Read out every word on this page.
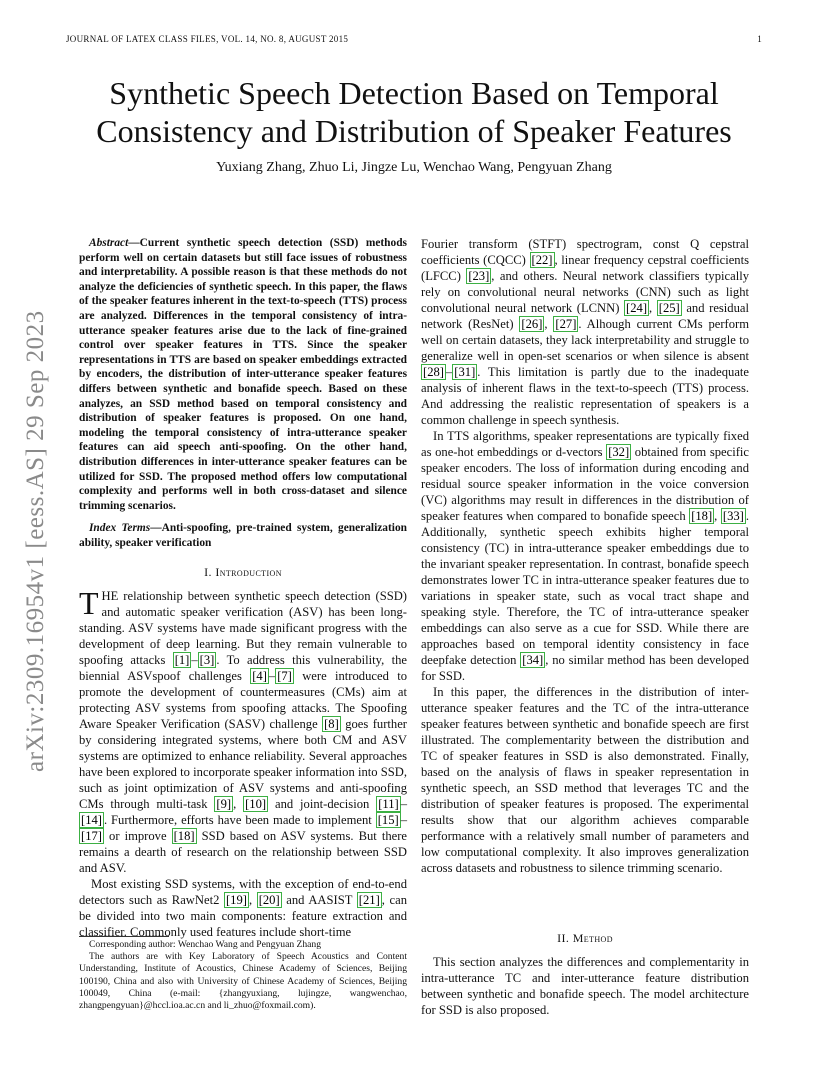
JOURNAL OF LATEX CLASS FILES, VOL. 14, NO. 8, AUGUST 2015	1
arXiv:2309.16954v1 [eess.AS] 29 Sep 2023
Synthetic Speech Detection Based on Temporal
Consistency and Distribution of Speaker Features
Yuxiang Zhang, Zhuo Li, Jingze Lu, Wenchao Wang, Pengyuan Zhang

Abstract—Current synthetic speech detection (SSD) methods perform well on certain datasets but still face issues of robustness and interpretability. A possible reason is that these methods do not analyze the deficiencies of synthetic speech. In this paper, the flaws of the speaker features inherent in the text-to-speech (TTS) process are analyzed. Differences in the temporal consistency of intra-utterance speaker features arise due to the lack of fine-grained control over speaker features in TTS. Since the speaker representations in TTS are based on speaker embeddings extracted by encoders, the distribution of inter-utterance speaker features differs between synthetic and bonafide speech. Based on these analyzes, an SSD method based on temporal consistency and distribution of speaker features is proposed. On one hand, modeling the temporal consistency of intra-utterance speaker features can aid speech anti-spoofing. On the other hand, distribution differences in inter-utterance speaker features can be utilized for SSD. The proposed method offers low computational complexity and performs well in both cross-dataset and silence trimming scenarios.

Index Terms—Anti-spoofing, pre-trained system, generalization ability, speaker verification

I. Introduction

THE relationship between synthetic speech detection (SSD) and automatic speaker verification (ASV) has been long-standing. ASV systems have made significant progress with the development of deep learning. But they remain vulnerable to spoofing attacks [1] – [3] . To address this vulnerability, the biennial ASVspoof challenges [4] – [7] were introduced to promote the development of countermeasures (CMs) aim at protecting ASV systems from spoofing attacks. The Spoofing Aware Speaker Verification (SASV) challenge [8] goes further by considering integrated systems, where both CM and ASV systems are optimized to enhance reliability. Several approaches have been explored to incorporate speaker information into SSD, such as joint optimization of ASV systems and anti-spoofing CMs through multi-task [9] , [10] and joint-decision [11] –[14] . Furthermore, efforts have been made to implement [15] –[17] or improve [18] SSD based on ASV systems. But there remains a dearth of research on the relationship between SSD and ASV.

Most existing SSD systems, with the exception of end-to-end detectors such as RawNet2 [19] , [20] and AASIST [21] , can be divided into two main components: feature extraction and classifier. Commonly used features include short-time

Fourier transform (STFT) spectrogram, const Q cepstral coefficients (CQCC) [22] , linear frequency cepstral coefficients (LFCC) [23] , and others. Neural network classifiers typically rely on convolutional neural networks (CNN) such as light convolutional neural network (LCNN) [24] , [25] and residual network (ResNet) [26] , [27] . Alhough current CMs perform well on certain datasets, they lack interpretability and struggle to generalize well in open-set scenarios or when silence is absent [28] – [31] . This limitation is partly due to the inadequate analysis of inherent flaws in the text-to-speech (TTS) process. And addressing the realistic representation of speakers is a common challenge in speech synthesis.

In TTS algorithms, speaker representations are typically fixed as one-hot embeddings or d-vectors [32] obtained from specific speaker encoders. The loss of information during encoding and residual source speaker information in the voice conversion (VC) algorithms may result in differences in the distribution of speaker features when compared to bonafide speech [18] , [33] . Additionally, synthetic speech exhibits higher temporal consistency (TC) in intra-utterance speaker embeddings due to the invariant speaker representation. In contrast, bonafide speech demonstrates lower TC in intra-utterance speaker features due to variations in speaker state, such as vocal tract shape and speaking style. Therefore, the TC of intra-utterance speaker embeddings can also serve as a cue for SSD. While there are approaches based on temporal identity consistency in face deepfake detection [34] , no similar method has been developed for SSD.

In this paper, the differences in the distribution of inter-utterance speaker features and the TC of the intra-utterance speaker features between synthetic and bonafide speech are first illustrated. The complementarity between the distribution and TC of speaker features in SSD is also demonstrated. Finally, based on the analysis of flaws in speaker representation in synthetic speech, an SSD method that leverages TC and the distribution of speaker features is proposed. The experimental results show that our algorithm achieves comparable performance with a relatively small number of parameters and low computational complexity. It also improves generalization across datasets and robustness to silence trimming scenario.

II. Method

This section analyzes the differences and complementarity in intra-utterance TC and inter-utterance feature distribution between synthetic and bonafide speech. The model architecture for SSD is also proposed.

Corresponding author: Wenchao Wang and Pengyuan Zhang

The authors are with Key Laboratory of Speech Acoustics and Content Understanding, Institute of Acoustics, Chinese Academy of Sciences, Beijing 100190, China and also with University of Chinese Academy of Sciences, Beijing 100049, China (e-mail: {zhangyuxiang, lujingze, wangwenchao, zhangpengyuan}@hccl.ioa.ac.cn and li_zhuo@foxmail.com).
